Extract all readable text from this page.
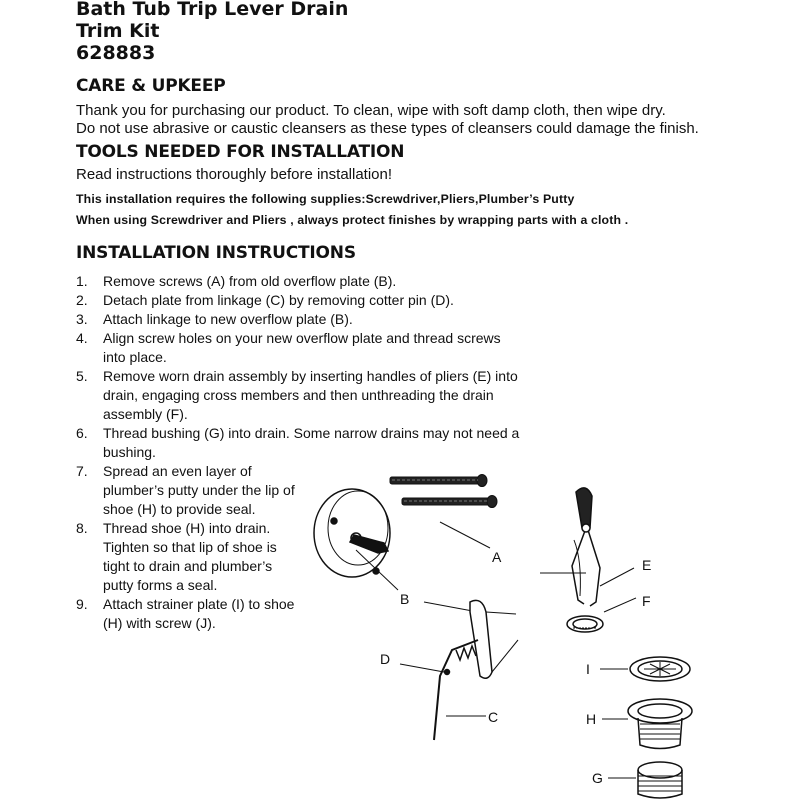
Bath Tub Trip Lever Drain
Trim Kit
628883
CARE & UPKEEP
Thank you for purchasing our product. To clean, wipe with soft damp cloth, then wipe dry.
Do not use abrasive or caustic cleansers as these types of cleansers could damage the finish.
TOOLS NEEDED FOR INSTALLATION
Read instructions thoroughly before installation!
This installation requires the following supplies:Screwdriver,Pliers,Plumber’s Putty
When using Screwdriver and Pliers , always protect finishes by wrapping parts with a cloth .
INSTALLATION INSTRUCTIONS
1. Remove screws (A) from old overflow plate (B).
2. Detach plate from linkage (C) by removing cotter pin (D).
3. Attach linkage to new overflow plate (B).
4. Align screw holes on your new overflow plate and thread screws into place.
5. Remove worn drain assembly by inserting handles of pliers (E) into drain, engaging cross members and then unthreading the drain assembly (F).
6. Thread bushing (G) into drain. Some narrow drains may not need a bushing.
7. Spread an even layer of plumber’s putty under the lip of shoe (H) to provide seal.
8. Thread shoe (H) into drain. Tighten so that lip of shoe is tight to drain and plumber’s putty forms a seal.
9. Attach strainer plate (I) to shoe (H) with screw (J).
A
B
C
D
E
F
G
H
I
